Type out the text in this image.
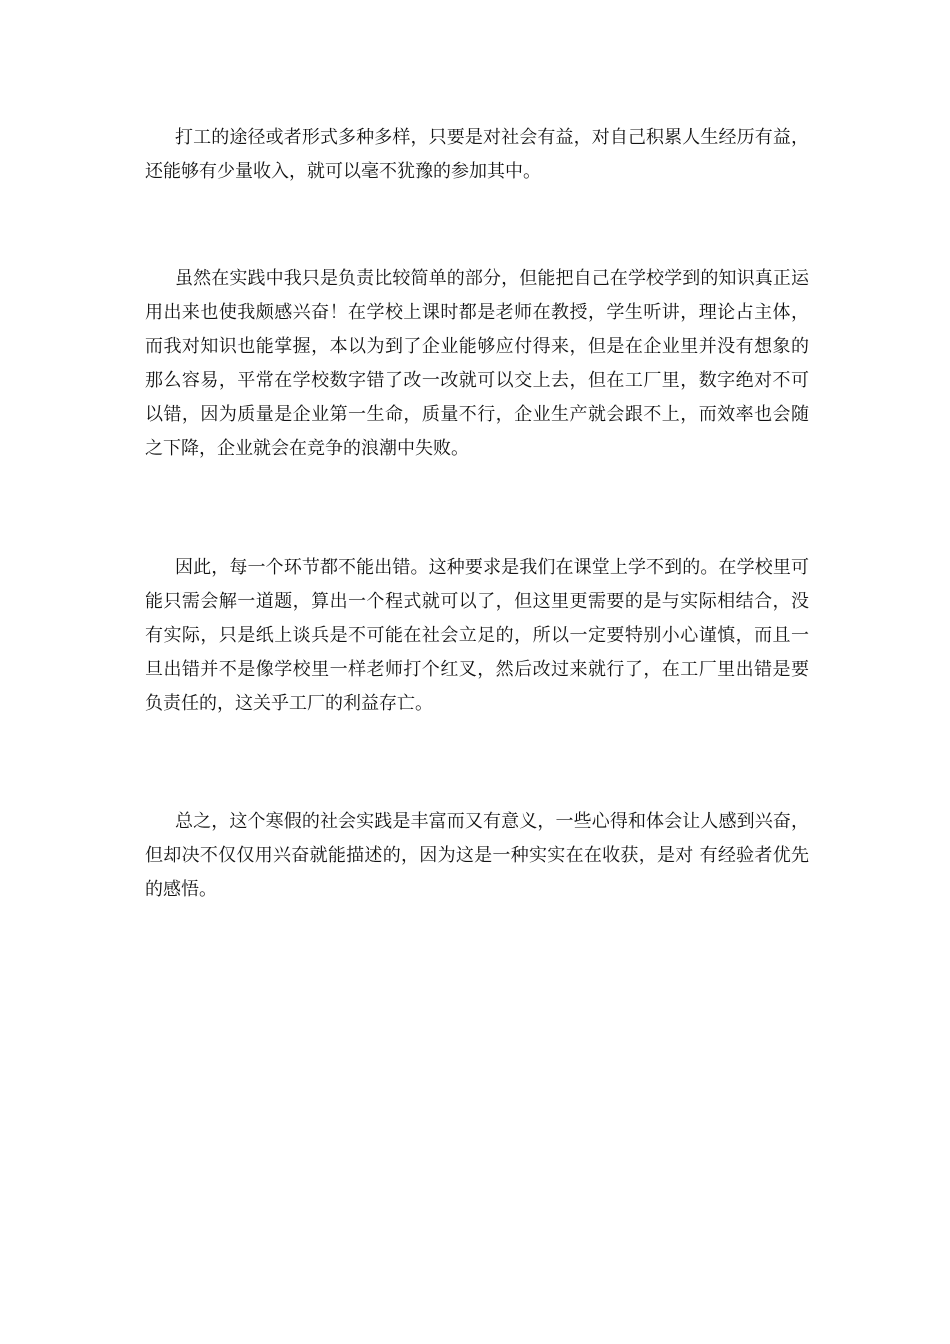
打工的途径或者形式多种多样，只要是对社会有益，对自己积累人生经历有益，还能够有少量收入，就可以毫不犹豫的参加其中。

虽然在实践中我只是负责比较简单的部分，但能把自己在学校学到的知识真正运用出来也使我颇感兴奋！在学校上课时都是老师在教授，学生听讲，理论占主体，而我对知识也能掌握，本以为到了企业能够应付得来，但是在企业里并没有想象的那么容易，平常在学校数字错了改一改就可以交上去，但在工厂里，数字绝对不可以错，因为质量是企业第一生命，质量不行，企业生产就会跟不上，而效率也会随之下降，企业就会在竞争的浪潮中失败。

因此，每一个环节都不能出错。这种要求是我们在课堂上学不到的。在学校里可能只需会解一道题，算出一个程式就可以了，但这里更需要的是与实际相结合，没有实际，只是纸上谈兵是不可能在社会立足的，所以一定要特别小心谨慎，而且一旦出错并不是像学校里一样老师打个红叉，然后改过来就行了，在工厂里出错是要负责任的，这关乎工厂的利益存亡。

总之，这个寒假的社会实践是丰富而又有意义，一些心得和体会让人感到兴奋，但却决不仅仅用兴奋就能描述的，因为这是一种实实在在收获，是对 有经验者优先 的感悟。
